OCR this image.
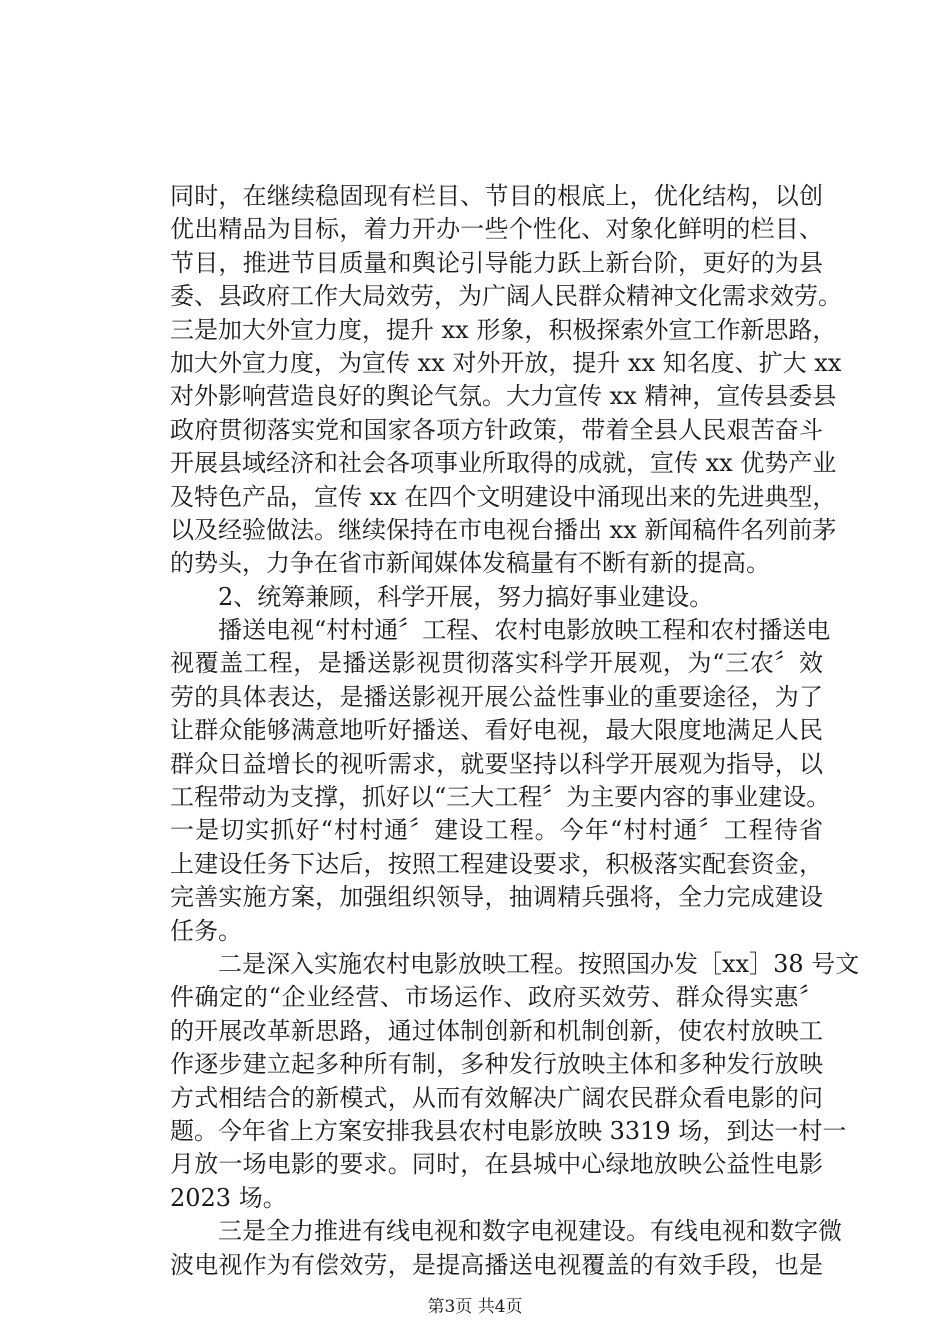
同时，在继续稳固现有栏目、节目的根底上，优化结构，以创
优出精品为目标，着力开办一些个性化、对象化鲜明的栏目、
节目，推进节目质量和舆论引导能力跃上新台阶，更好的为县
委、县政府工作大局效劳，为广阔人民群众精神文化需求效劳。
三是加大外宣力度，提升 xx 形象，积极探索外宣工作新思路，
加大外宣力度，为宣传 xx 对外开放，提升 xx 知名度、扩大 xx
对外影响营造良好的舆论气氛。大力宣传 xx 精神，宣传县委县
政府贯彻落实党和国家各项方针政策，带着全县人民艰苦奋斗
开展县域经济和社会各项事业所取得的成就，宣传 xx 优势产业
及特色产品，宣传 xx 在四个文明建设中涌现出来的先进典型，
以及经验做法。继续保持在市电视台播出 xx 新闻稿件名列前茅
的势头，力争在省市新闻媒体发稿量有不断有新的提高。
2、统筹兼顾，科学开展，努力搞好事业建设。
播送电视“村村通〞工程、农村电影放映工程和农村播送电
视覆盖工程，是播送影视贯彻落实科学开展观，为“三农〞效
劳的具体表达，是播送影视开展公益性事业的重要途径，为了
让群众能够满意地听好播送、看好电视，最大限度地满足人民
群众日益增长的视听需求，就要坚持以科学开展观为指导，以
工程带动为支撑，抓好以“三大工程〞为主要内容的事业建设。
一是切实抓好“村村通〞建设工程。今年“村村通〞工程待省
上建设任务下达后，按照工程建设要求，积极落实配套资金，
完善实施方案，加强组织领导，抽调精兵强将，全力完成建设
任务。
二是深入实施农村电影放映工程。按照国办发［xx］38 号文
件确定的“企业经营、市场运作、政府买效劳、群众得实惠〞
的开展改革新思路，通过体制创新和机制创新，使农村放映工
作逐步建立起多种所有制，多种发行放映主体和多种发行放映
方式相结合的新模式，从而有效解决广阔农民群众看电影的问
题。今年省上方案安排我县农村电影放映 3319 场，到达一村一
月放一场电影的要求。同时，在县城中心绿地放映公益性电影
2023 场。
三是全力推进有线电视和数字电视建设。有线电视和数字微
波电视作为有偿效劳，是提高播送电视覆盖的有效手段，也是
第3页 共4页
